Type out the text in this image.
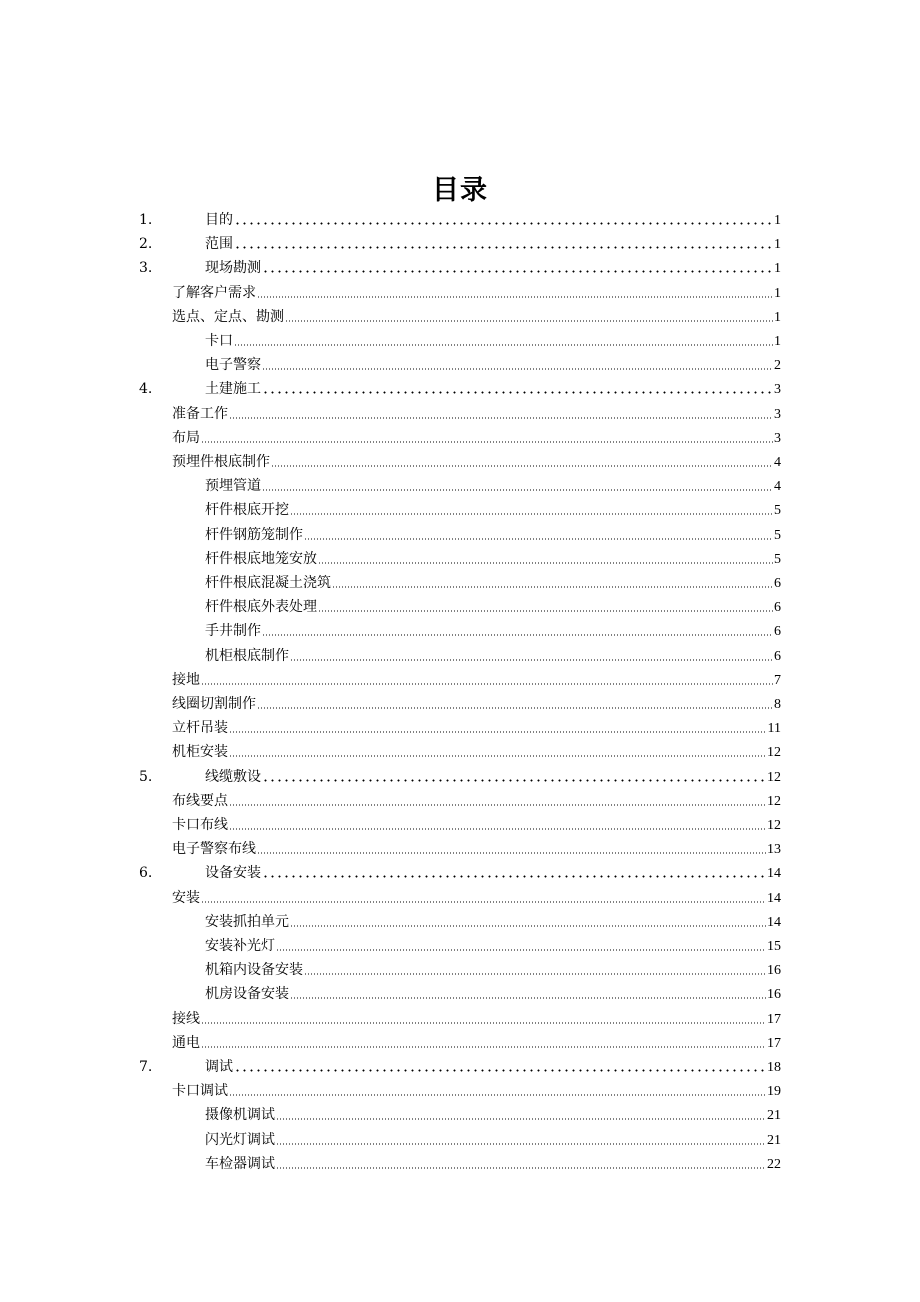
目录
1.	目的	1
2.	范围	1
3.	现场勘测	1
了解客户需求	1
选点、定点、勘测	1
卡口	1
电子警察	2
4.	土建施工	3
准备工作	3
布局	3
预埋件根底制作	4
预埋管道	4
杆件根底开挖	5
杆件钢筋笼制作	5
杆件根底地笼安放	5
杆件根底混凝土浇筑	6
杆件根底外表处理	6
手井制作	6
机柜根底制作	6
接地	7
线圈切割制作	8
立杆吊装	11
机柜安装	12
5.	线缆敷设	12
布线要点	12
卡口布线	12
电子警察布线	13
6.	设备安装	14
安装	14
安装抓拍单元	14
安装补光灯	15
机箱内设备安装	16
机房设备安装	16
接线	17
通电	17
7.	调试	18
卡口调试	19
摄像机调试	21
闪光灯调试	21
车检器调试	22
